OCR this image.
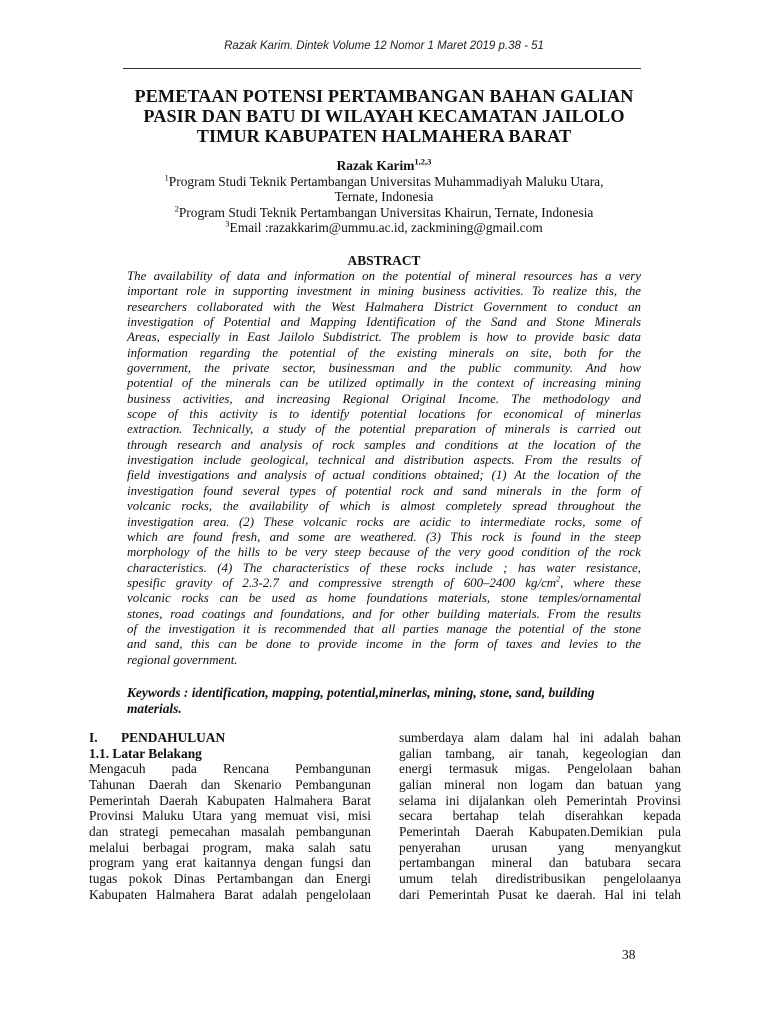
Razak Karim. Dintek Volume 12 Nomor 1 Maret 2019 p.38 - 51
PEMETAAN POTENSI PERTAMBANGAN BAHAN GALIAN
PASIR DAN BATU DI WILAYAH KECAMATAN JAILOLO
TIMUR KABUPATEN HALMAHERA BARAT
Razak Karim$^{1,2,3}$
$^1$Program Studi Teknik Pertambangan Universitas Muhammadiyah Maluku Utara,
Ternate, Indonesia
$^2$Program Studi Teknik Pertambangan Universitas Khairun, Ternate, Indonesia
$^3$Email :razakkarim@ummu.ac.id, zackmining@gmail.com
ABSTRACT
The availability of data and information on the potential of mineral resources has a very
important role in supporting investment in mining business activities. To realize this, the
researchers collaborated with the West Halmahera District Government to conduct an
investigation of Potential and Mapping Identification of the Sand and Stone Minerals
Areas, especially in East Jailolo Subdistrict. The problem is how to provide basic data
information regarding the potential of the existing minerals on site, both for the
government, the private sector, businessman and the public community. And how
potential of the minerals can be utilized optimally in the context of increasing mining
business activities, and increasing Regional Original Income. The methodology and
scope of this activity is to identify potential locations for economical of minerlas
extraction. Technically, a study of the potential preparation of minerals is carried out
through research and analysis of rock samples and conditions at the location of the
investigation include geological, technical and distribution aspects. From the results of
field investigations and analysis of actual conditions obtained; (1) At the location of the
investigation found several types of potential rock and sand minerals in the form of
volcanic rocks, the availability of which is almost completely spread throughout the
investigation area. (2) These volcanic rocks are acidic to intermediate rocks, some of
which are found fresh, and some are weathered. (3) This rock is found in the steep
morphology of the hills to be very steep because of the very good condition of the rock
characteristics. (4) The characteristics of these rocks include ; has water resistance,
spesific gravity of 2.3-2.7 and compressive strength of 600–2400 $kg/cm^2$, where these
volcanic rocks can be used as home foundations materials, stone temples/ornamental
stones, road coatings and foundations, and for other building materials. From the results
of the investigation it is recommended that all parties manage the potential of the stone
and sand, this can be done to provide income in the form of taxes and levies to the
regional government.
Keywords : identification, mapping, potential,minerlas, mining, stone, sand, building
materials.
I. PENDAHULUAN
1.1. Latar Belakang
Mengacuh pada Rencana Pembangunan
Tahunan Daerah dan Skenario Pembangunan
Pemerintah Daerah Kabupaten Halmahera Barat
Provinsi Maluku Utara yang memuat visi, misi
dan strategi pemecahan masalah pembangunan
melalui berbagai program, maka salah satu
program yang erat kaitannya dengan fungsi dan
tugas pokok Dinas Pertambangan dan Energi
Kabupaten Halmahera Barat adalah pengelolaan
sumberdaya alam dalam hal ini adalah bahan
galian tambang, air tanah, kegeologian dan
energi termasuk migas. Pengelolaan bahan
galian mineral non logam dan batuan yang
selama ini dijalankan oleh Pemerintah Provinsi
secara bertahap telah diserahkan kepada
Pemerintah Daerah Kabupaten.Demikian pula
penyerahan urusan yang menyangkut
pertambangan mineral dan batubara secara
umum telah diredistribusikan pengelolaanya
dari Pemerintah Pusat ke daerah. Hal ini telah
38
